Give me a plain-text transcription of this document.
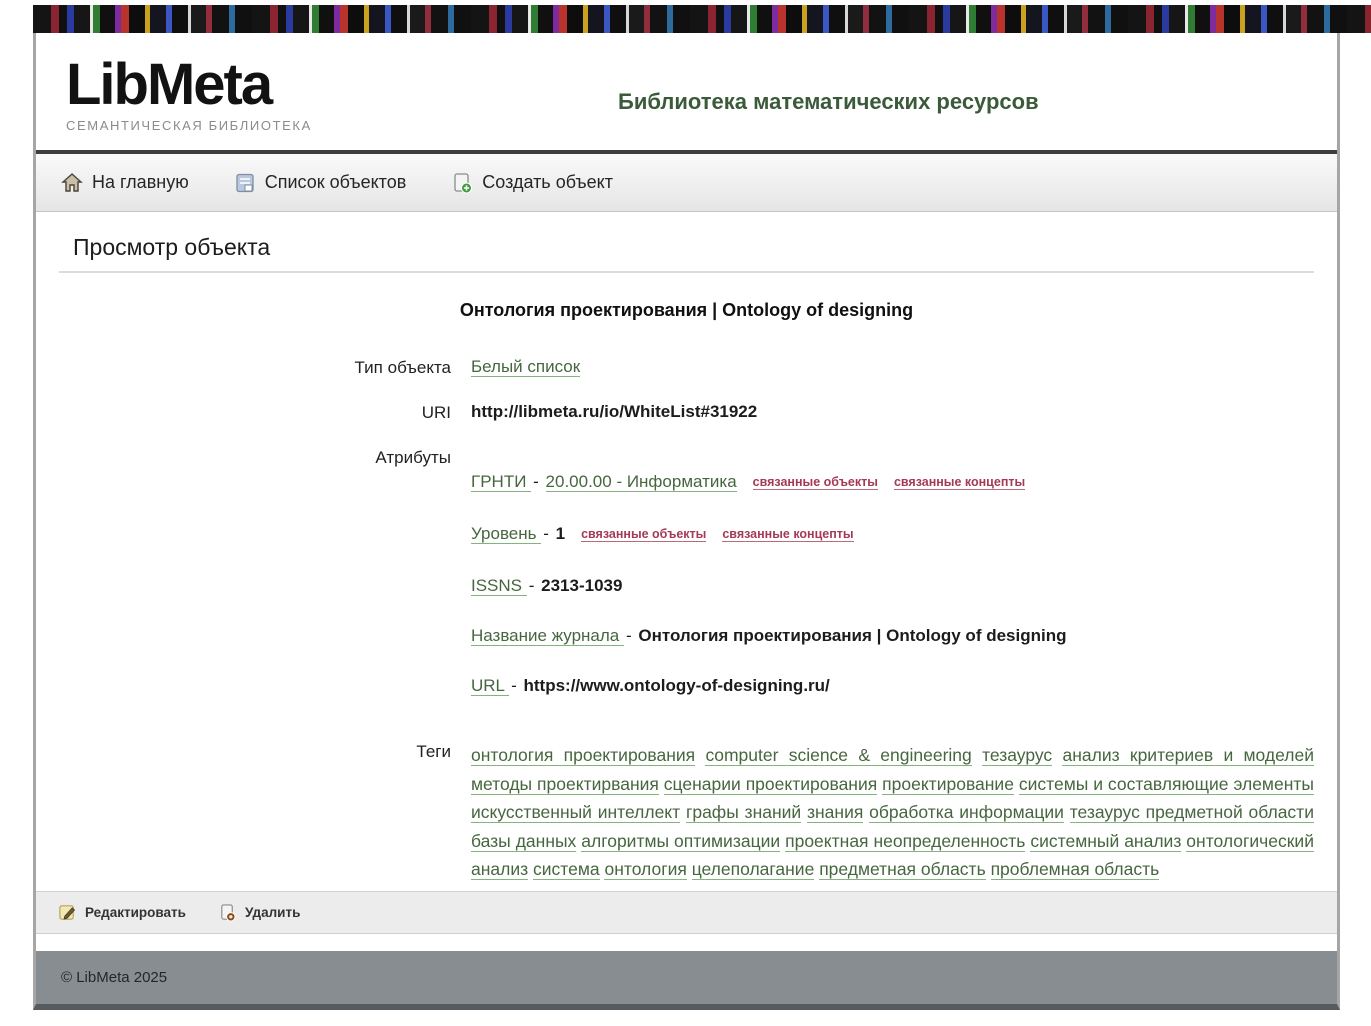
LibMeta
СЕМАНТИЧЕСКАЯ БИБЛИОТЕКА
Библиотека математических ресурсов
На главную	Список объектов	Создать объект
Просмотр объекта
Онтология проектирования | Ontology of designing
Тип объекта Белый список
URI http://libmeta.ru/io/WhiteList#31922
Атрибуты
ГРНТИ - 20.00.00 - Информатика связанные объекты связанные концепты
Уровень - 1 связанные объекты связанные концепты
ISSNS - 2313-1039
Название журнала - Онтология проектирования | Ontology of designing
URL - https://www.ontology-of-designing.ru/
Теги онтология проектирования computer science & engineering тезаурус анализ критериев и моделей методы проектирвания сценарии проектирования проектирование системы и составляющие элементы искусственный интеллект графы знаний знания обработка информации тезаурус предметной области базы данных алгоритмы оптимизации проектная неопределенность системный анализ онтологический анализ система онтология целеполагание предметная область проблемная область

Редактировать	Удалить
© LibMeta 2025
